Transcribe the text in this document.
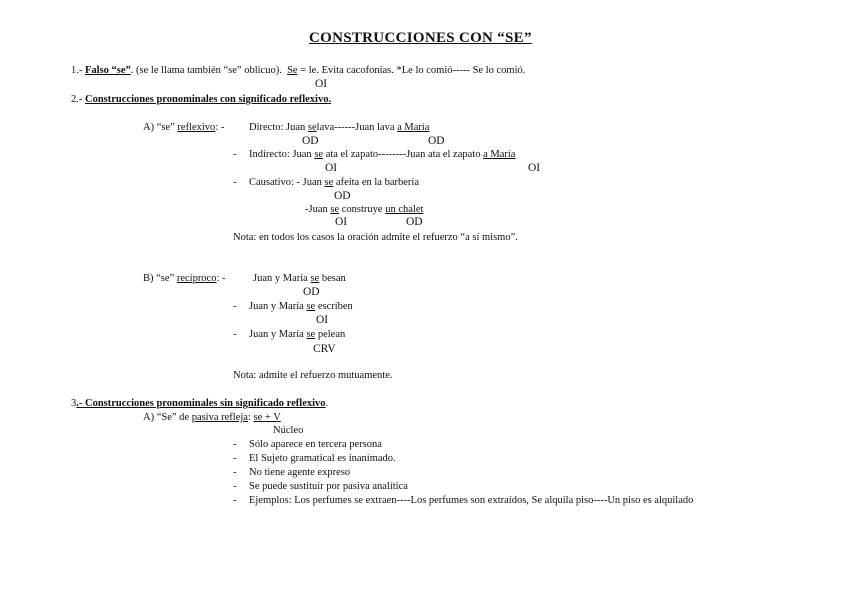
CONSTRUCCIONES CON “SE”
1.- Falso “se”. (se le llama también “se” oblicuo). Se = le. Evita cacofonías. *Le lo comió----- Se lo comió.
OI
2.- Construcciones pronominales con significado reflexivo.
A) “se” reflexivo: - Directo: Juan selava------Juan lava a María
OD	OD
- Indirecto: Juan se ata el zapato--------Juan ata el zapato a María
OI	OI
- Causativo: - Juan se afeita en la barbería
OD
-Juan se construye un chalet
OI	OD
Nota: en todos los casos la oración admite el refuerzo “a sí mismo”.
B) “se” recíproco: -	Juan y María se besan
OD
- Juan y María se escriben
OI
- Juan y María se pelean
CRV
Nota: admite el refuerzo mutuamente.
3.- Construcciones pronominales sin significado reflexivo.
A) “Se” de pasiva refleja: se + V
Núcleo
- Sólo aparece en tercera persona
- El Sujeto gramatical es inanimado.
- No tiene agente expreso
- Se puede sustituir por pasiva analítica
- Ejemplos: Los perfumes se extraen----Los perfumes son extraídos, Se alquila piso----Un piso es alquilado
